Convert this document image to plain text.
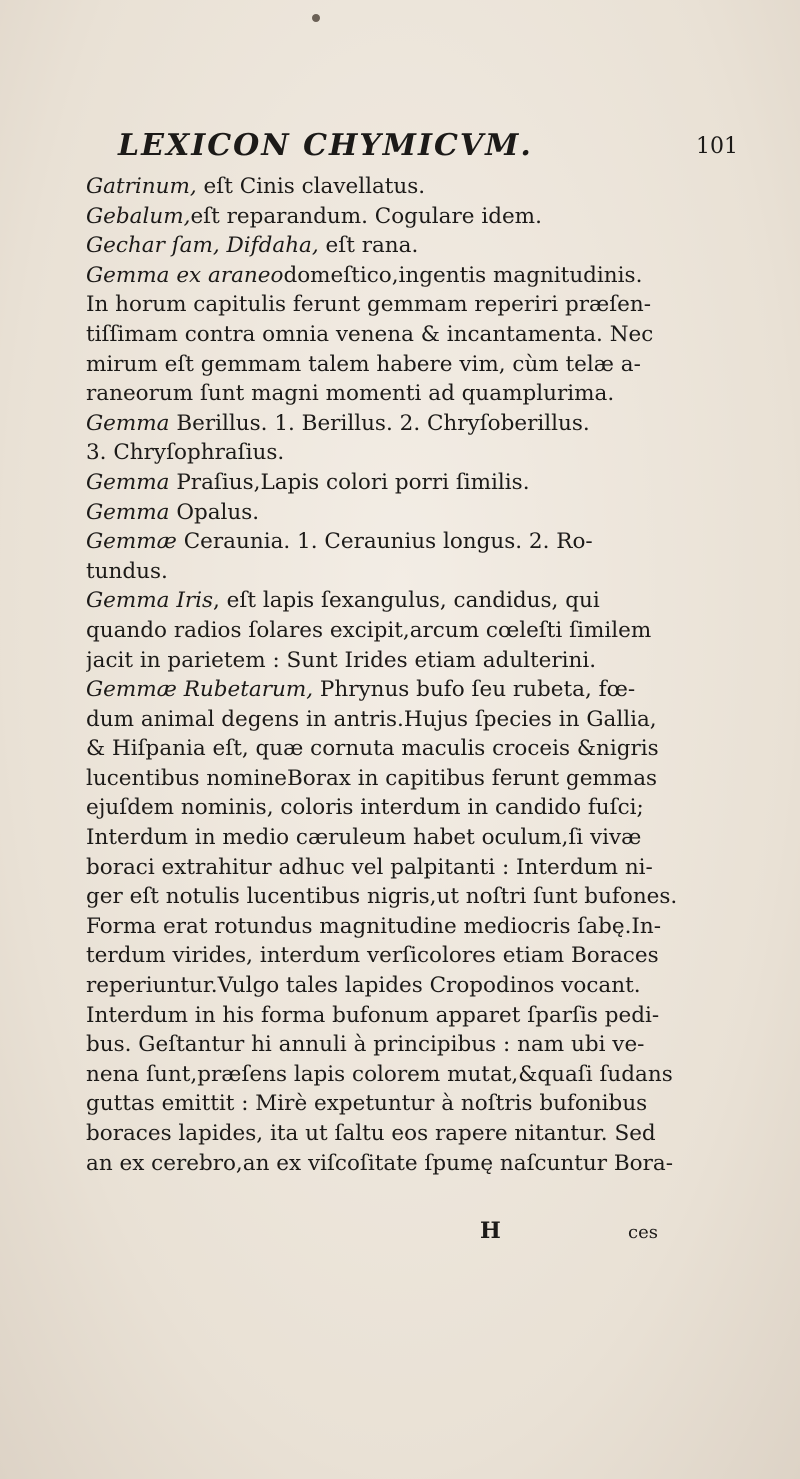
LEXICON CHYMICVM.	101
Gatrinum, eſt Cinis clavellatus.
Gebalum,eſt reparandum. Cogulare idem.
Gechar ſam, Difdaha, eſt rana.
Gemma ex araneodomeſtico,ingentis magnitudinis.
In horum capitulis ferunt gemmam reperiri præſen-
tiſſimam contra omnia venena & incantamenta. Nec
mirum eſt gemmam talem habere vim, cùm telæ a-
raneorum ſunt magni momenti ad quamplurima.
Gemma Berillus. 1. Berillus. 2. Chryſoberillus.
3. Chryſophraſius.
Gemma Praſius,Lapis colori porri ſimilis.
Gemma Opalus.
Gemmæ Ceraunia. 1. Ceraunius longus. 2. Ro-
tundus.
Gemma Iris, eſt lapis ſexangulus, candidus, qui
quando radios ſolares excipit,arcum cœleſti ſimilem
jacit in parietem : Sunt Irides etiam adulterini.
Gemmæ Rubetarum, Phrynus bufo ſeu rubeta, fœ-
dum animal degens in antris.Hujus ſpecies in Gallia,
& Hiſpania eſt, quæ cornuta maculis croceis &nigris
lucentibus nomineBorax in capitibus ferunt gemmas
ejuſdem nominis, coloris interdum in candido fuſci;
Interdum in medio cæruleum habet oculum,ſi vivæ
boraci extrahitur adhuc vel palpitanti : Interdum ni-
ger eſt notulis lucentibus nigris,ut noſtri ſunt bufones.
Forma erat rotundus magnitudine mediocris ſabę.In-
terdum virides, interdum verſicolores etiam Boraces
reperiuntur.Vulgo tales lapides Cropodinos vocant.
Interdum in his forma bufonum apparet ſparſis pedi-
bus. Geſtantur hi annuli à principibus : nam ubi ve-
nena ſunt,præſens lapis colorem mutat,&quaſi ſudans
guttas emittit : Mirè expetuntur à noſtris bufonibus
boraces lapides, ita ut ſaltu eos rapere nitantur. Sed
an ex cerebro,an ex viſcoſitate ſpumę naſcuntur Bora-
H	ces
